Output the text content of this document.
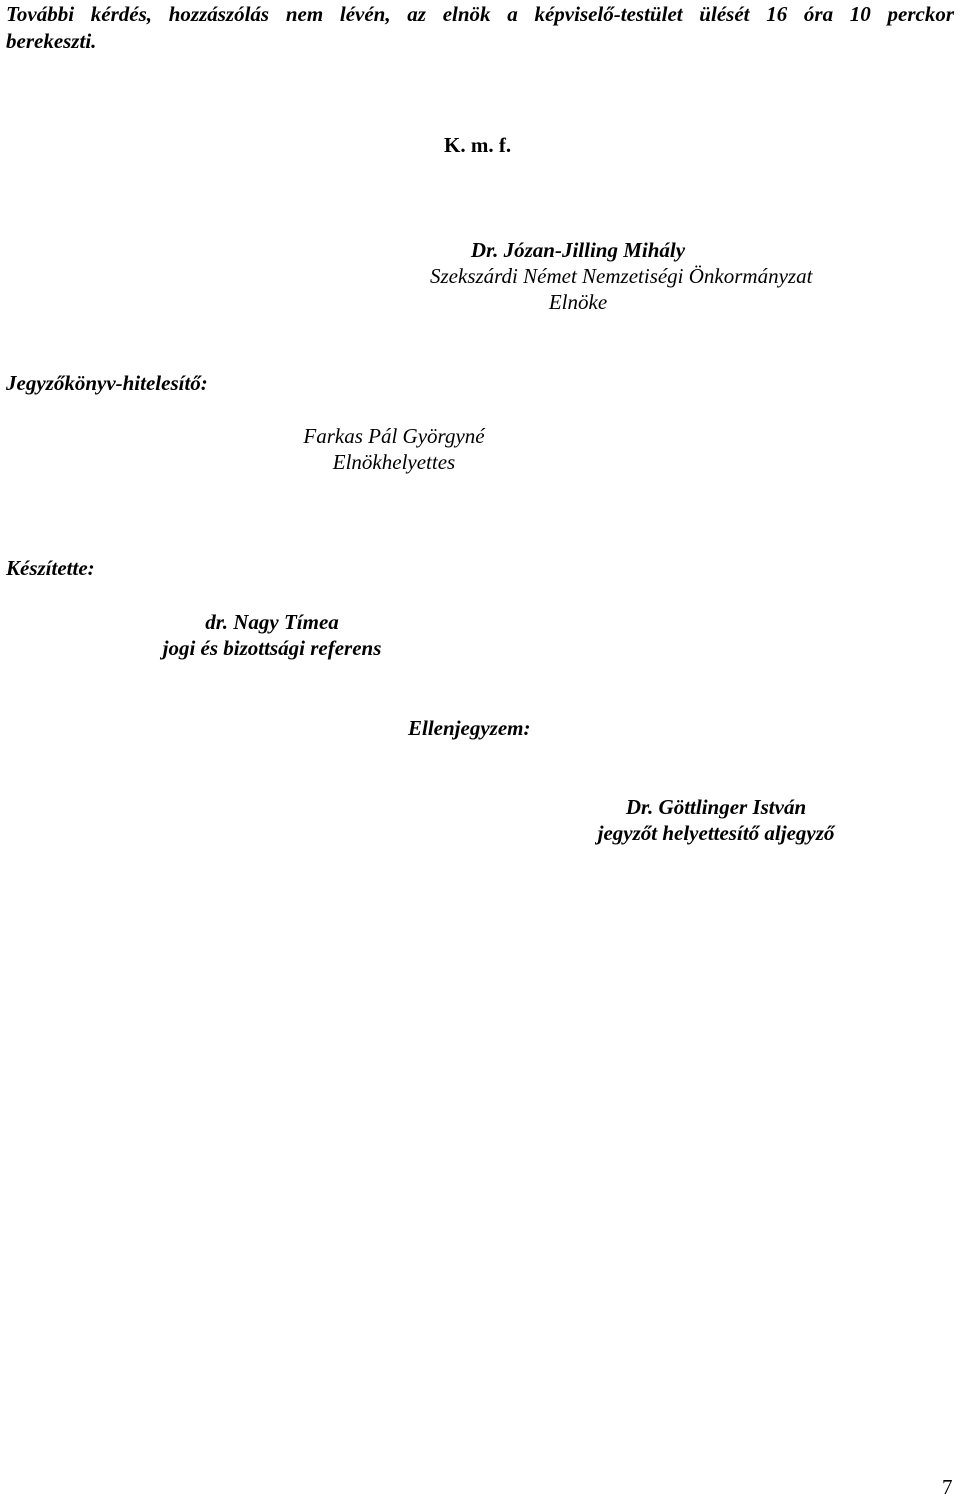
További kérdés, hozzászólás nem lévén, az elnök a képviselő-testület ülését 16 óra 10 perckor
berekeszti.
K. m. f.
Dr. Józan-Jilling Mihály
Szekszárdi Német Nemzetiségi Önkormányzat
Elnöke
Jegyzőkönyv-hitelesítő:
Farkas Pál Györgyné
Elnökhelyettes
Készítette:
dr. Nagy Tímea
jogi és bizottsági referens
Ellenjegyzem:
Dr. Göttlinger István
jegyzőt helyettesítő aljegyző
7
